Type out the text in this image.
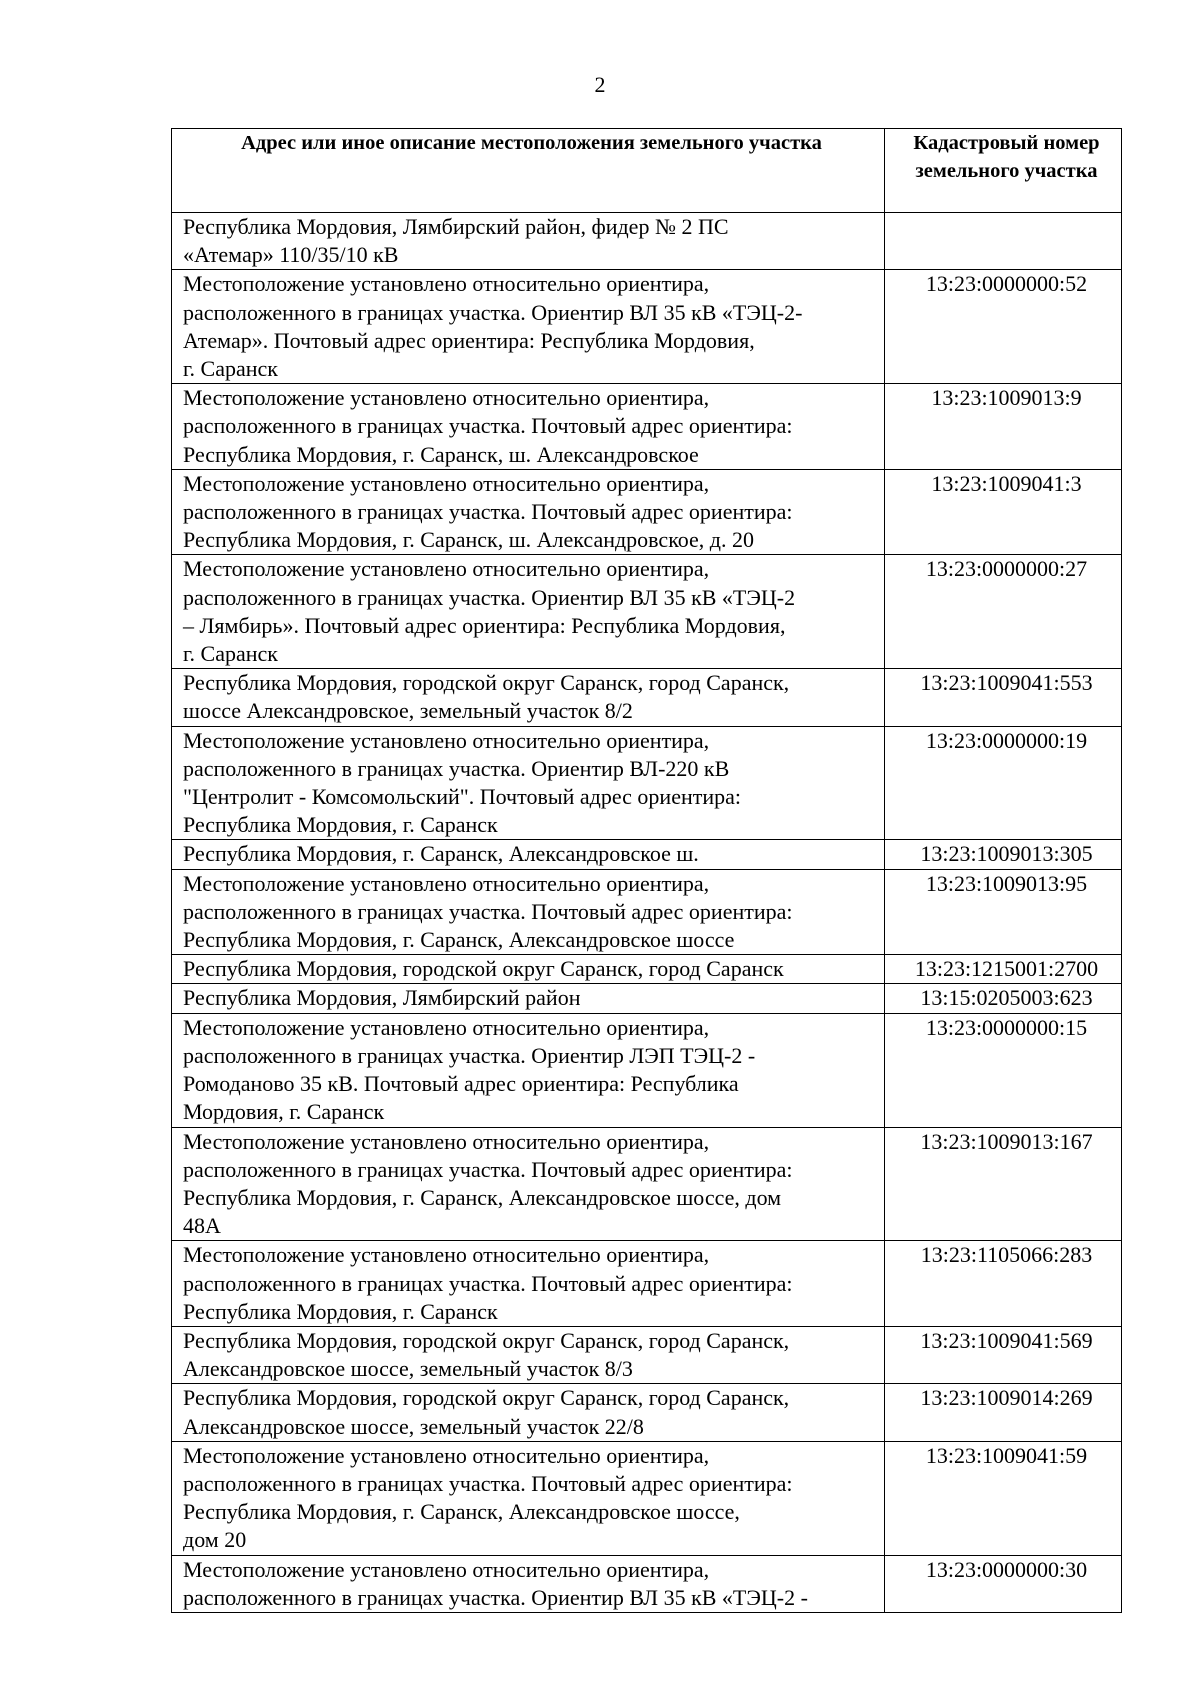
2
Адрес или иное описание местоположения земельного участка	Кадастровый номер земельного участка

Республика Мордовия, Лямбирский район, фидер № 2 ПС
«Атемар» 110/35/10 кВ	

Местоположение установлено относительно ориентира,
расположенного в границах участка. Ориентир ВЛ 35 кВ «ТЭЦ-2-
Атемар». Почтовый адрес ориентира: Республика Мордовия,
г. Саранск	13:23:0000000:52

Местоположение установлено относительно ориентира,
расположенного в границах участка. Почтовый адрес ориентира:
Республика Мордовия, г. Саранск, ш. Александровское	13:23:1009013:9

Местоположение установлено относительно ориентира,
расположенного в границах участка. Почтовый адрес ориентира:
Республика Мордовия, г. Саранск, ш. Александровское, д. 20	13:23:1009041:3

Местоположение установлено относительно ориентира,
расположенного в границах участка. Ориентир ВЛ 35 кВ «ТЭЦ-2
– Лямбирь». Почтовый адрес ориентира: Республика Мордовия,
г. Саранск	13:23:0000000:27

Республика Мордовия, городской округ Саранск, город Саранск,
шоссе Александровское, земельный участок 8/2	13:23:1009041:553

Местоположение установлено относительно ориентира,
расположенного в границах участка. Ориентир ВЛ-220 кВ
"Центролит - Комсомольский". Почтовый адрес ориентира:
Республика Мордовия, г. Саранск	13:23:0000000:19

Республика Мордовия, г. Саранск, Александровское ш.	13:23:1009013:305

Местоположение установлено относительно ориентира,
расположенного в границах участка. Почтовый адрес ориентира:
Республика Мордовия, г. Саранск, Александровское шоссе	13:23:1009013:95

Республика Мордовия, городской округ Саранск, город Саранск	13:23:1215001:2700

Республика Мордовия, Лямбирский район	13:15:0205003:623

Местоположение установлено относительно ориентира,
расположенного в границах участка. Ориентир ЛЭП ТЭЦ-2 -
Ромоданово 35 кВ. Почтовый адрес ориентира: Республика
Мордовия, г. Саранск	13:23:0000000:15

Местоположение установлено относительно ориентира,
расположенного в границах участка. Почтовый адрес ориентира:
Республика Мордовия, г. Саранск, Александровское шоссе, дом
48А	13:23:1009013:167

Местоположение установлено относительно ориентира,
расположенного в границах участка. Почтовый адрес ориентира:
Республика Мордовия, г. Саранск	13:23:1105066:283

Республика Мордовия, городской округ Саранск, город Саранск,
Александровское шоссе, земельный участок 8/3	13:23:1009041:569

Республика Мордовия, городской округ Саранск, город Саранск,
Александровское шоссе, земельный участок 22/8	13:23:1009014:269

Местоположение установлено относительно ориентира,
расположенного в границах участка. Почтовый адрес ориентира:
Республика Мордовия, г. Саранск, Александровское шоссе,
дом 20	13:23:1009041:59

Местоположение установлено относительно ориентира,
расположенного в границах участка. Ориентир ВЛ 35 кВ «ТЭЦ-2 -	13:23:0000000:30
